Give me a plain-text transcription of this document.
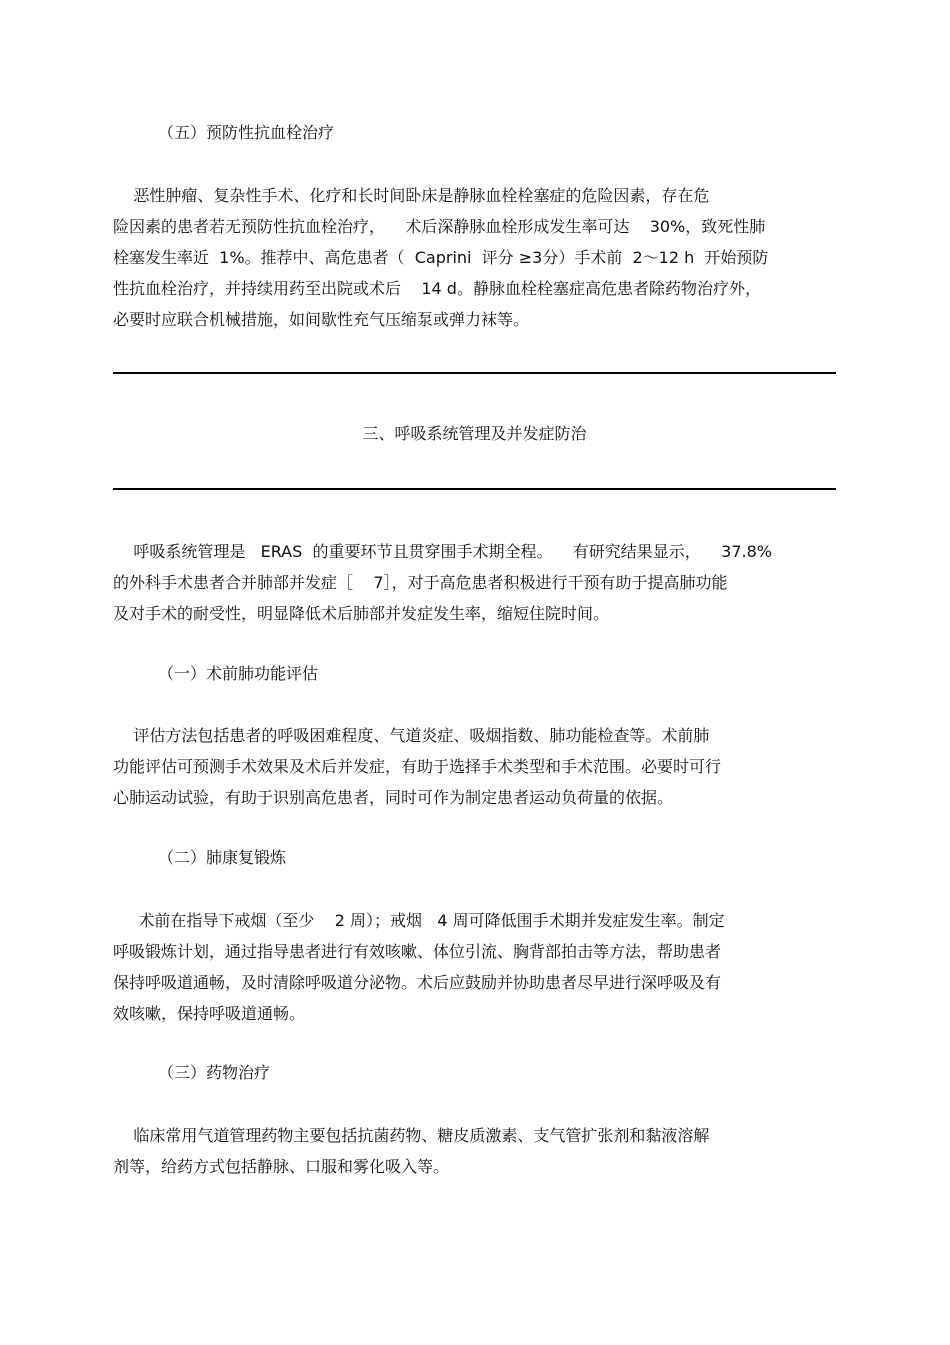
（五）预防性抗血栓治疗
恶性肿瘤、复杂性手术、化疗和长时间卧床是静脉血栓栓塞症的危险因素，存在危
险因素的患者若无预防性抗血栓治疗，    术后深静脉血栓形成发生率可达    30%，致死性肺
栓塞发生率近  1%。推荐中、高危患者（  Caprini  评分 ≥3分）手术前  2～12 h  开始预防
性抗血栓治疗，并持续用药至出院或术后    14 d。静脉血栓栓塞症高危患者除药物治疗外，
必要时应联合机械措施，如间歇性充气压缩泵或弹力袜等。
三、呼吸系统管理及并发症防治
呼吸系统管理是   ERAS  的重要环节且贯穿围手术期全程。    有研究结果显示，    37.8%
的外科手术患者合并肺部并发症［    7］，对于高危患者积极进行干预有助于提高肺功能
及对手术的耐受性，明显降低术后肺部并发症发生率，缩短住院时间。
（一）术前肺功能评估
评估方法包括患者的呼吸困难程度、气道炎症、吸烟指数、肺功能检查等。术前肺
功能评估可预测手术效果及术后并发症，有助于选择手术类型和手术范围。必要时可行
心肺运动试验，有助于识别高危患者，同时可作为制定患者运动负荷量的依据。
（二）肺康复锻炼
术前在指导下戒烟（至少    2 周）；戒烟   4 周可降低围手术期并发症发生率。制定
呼吸锻炼计划，通过指导患者进行有效咳嗽、体位引流、胸背部拍击等方法，帮助患者
保持呼吸道通畅，及时清除呼吸道分泌物。术后应鼓励并协助患者尽早进行深呼吸及有
效咳嗽，保持呼吸道通畅。
（三）药物治疗
临床常用气道管理药物主要包括抗菌药物、糖皮质激素、支气管扩张剂和黏液溶解
剂等，给药方式包括静脉、口服和雾化吸入等。
